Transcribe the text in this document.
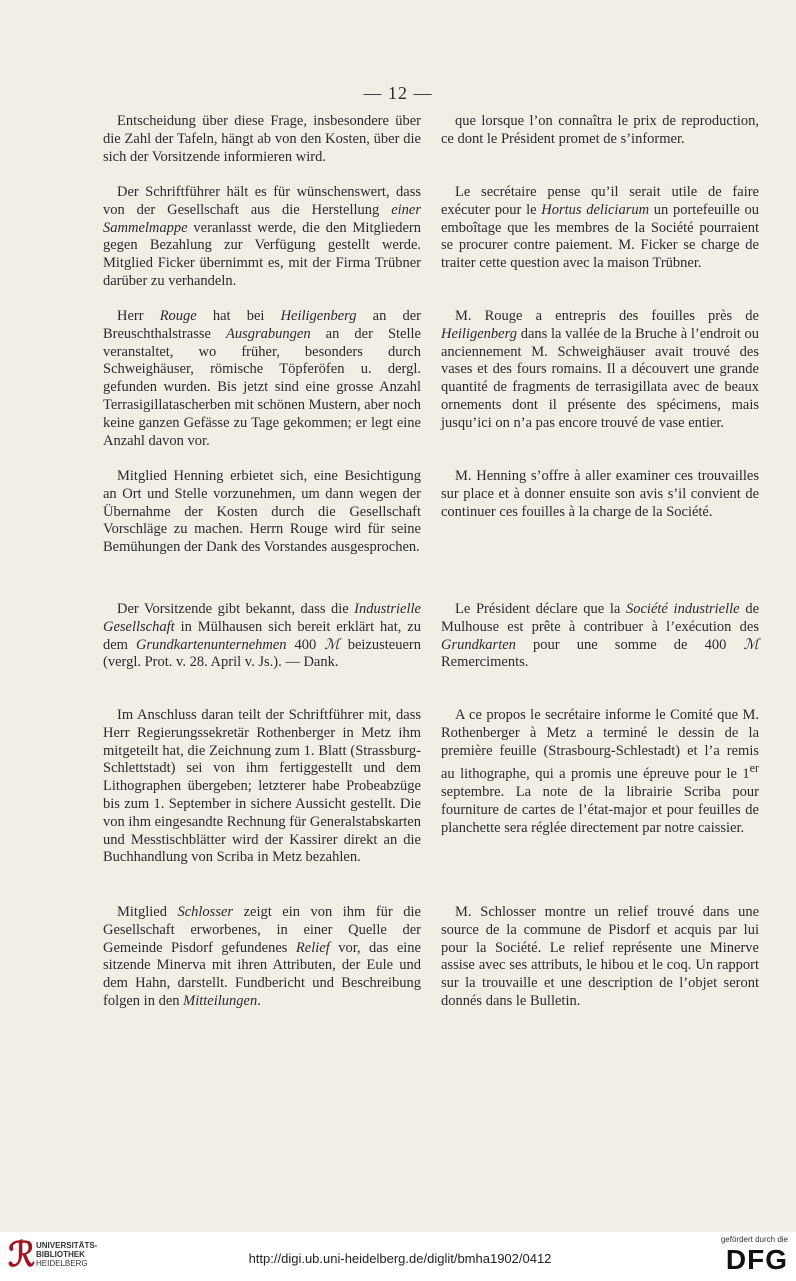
— 12 —

Entscheidung über diese Frage, insbesondere über die Zahl der Tafeln, hängt ab von den Kosten, über die sich der Vorsitzende informieren wird.

Der Schriftführer hält es für wünschenswert, dass von der Gesellschaft aus die Herstellung einer Sammelmappe veranlasst werde, die den Mitgliedern gegen Bezahlung zur Verfügung gestellt werde. Mitglied Ficker übernimmt es, mit der Firma Trübner darüber zu verhandeln.

Herr Rouge hat bei Heiligenberg an der Breuschthalstrasse Ausgrabungen an der Stelle veranstaltet, wo früher, besonders durch Schweighäuser, römische Töpferöfen u. dergl. gefunden wurden. Bis jetzt sind eine grosse Anzahl Terrasigillatascherben mit schönen Mustern, aber noch keine ganzen Gefässe zu Tage gekommen; er legt eine Anzahl davon vor.

Mitglied Henning erbietet sich, eine Besichtigung an Ort und Stelle vorzunehmen, um dann wegen der Übernahme der Kosten durch die Gesellschaft Vorschläge zu machen. Herrn Rouge wird für seine Bemühungen der Dank des Vorstandes ausgesprochen.

Der Vorsitzende gibt bekannt, dass die Industrielle Gesellschaft in Mülhausen sich bereit erklärt hat, zu dem Grundkartenunternehmen 400 ℳ beizusteuern (vergl. Prot. v. 28. April v. Js.). — Dank.

Im Anschluss daran teilt der Schriftführer mit, dass Herr Regierungssekretär Rothenberger in Metz ihm mitgeteilt hat, die Zeichnung zum 1. Blatt (Strassburg-Schlettstadt) sei von ihm fertiggestellt und dem Lithographen übergeben; letzterer habe Probeabzüge bis zum 1. September in sichere Aussicht gestellt. Die von ihm eingesandte Rechnung für Generalstabskarten und Messtischblätter wird der Kassirer direkt an die Buchhandlung von Scriba in Metz bezahlen.

Mitglied Schlosser zeigt ein von ihm für die Gesellschaft erworbenes, in einer Quelle der Gemeinde Pisdorf gefundenes Relief vor, das eine sitzende Minerva mit ihren Attributen, der Eule und dem Hahn, darstellt. Fundbericht und Beschreibung folgen in den Mitteilungen.

que lorsque l’on connaîtra le prix de reproduction, ce dont le Président promet de s’informer.

Le secrétaire pense qu’il serait utile de faire exécuter pour le Hortus deliciarum un portefeuille ou emboîtage que les membres de la Société pourraient se procurer contre paiement. M. Ficker se charge de traiter cette question avec la maison Trübner.

M. Rouge a entrepris des fouilles près de Heiligenberg dans la vallée de la Bruche à l’endroit ou anciennement M. Schweighäuser avait trouvé des vases et des fours romains. Il a découvert une grande quantité de fragments de terrasigillata avec de beaux ornements dont il présente des spécimens, mais jusqu’ici on n’a pas encore trouvé de vase entier.

M. Henning s’offre à aller examiner ces trouvailles sur place et à donner ensuite son avis s’il convient de continuer ces fouilles à la charge de la Société.

Le Président déclare que la Société industrielle de Mulhouse est prête à contribuer à l’exécution des Grundkarten pour une somme de 400 ℳ Remerciments.

A ce propos le secrétaire informe le Comité que M. Rothenberger à Metz a terminé le dessin de la première feuille (Strasbourg-Schlestadt) et l’a remis au lithographe, qui a promis une épreuve pour le 1er septembre. La note de la librairie Scriba pour fourniture de cartes de l’état-major et pour feuilles de planchette sera réglée directement par notre caissier.

M. Schlosser montre un relief trouvé dans une source de la commune de Pisdorf et acquis par lui pour la Société. Le relief représente une Minerve assise avec ses attributs, le hibou et le coq. Un rapport sur la trouvaille et une description de l’objet seront donnés dans le Bulletin.

ℛ UNIVERSITÄTS-
BIBLIOTHEK
HEIDELBERG	http://digi.ub.uni-heidelberg.de/diglit/bmha1902/0412
gefördert durch die
DFG
